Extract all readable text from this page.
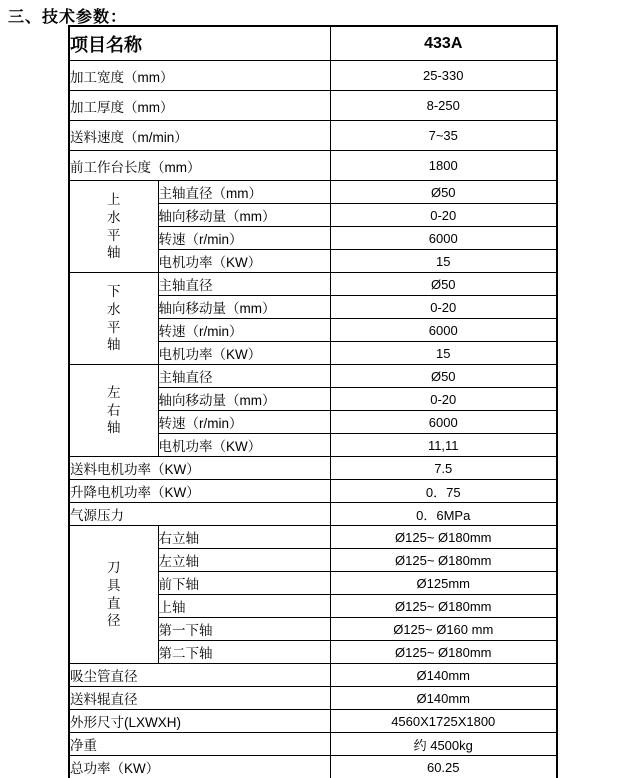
三、技术参数：
项目名称		433A
加工宽度（mm）		25-330
加工厚度（mm）		8-250
送料速度（m/min）		7~35
前工作台长度（mm）		1800
上水平轴	主轴直径（mm）	Ø50
	轴向移动量（mm）	0-20
	转速（r/min）	6000
	电机功率（KW）	15
下水平轴	主轴直径	Ø50
	轴向移动量（mm）	0-20
	转速（r/min）	6000
	电机功率（KW）	15
左右轴	主轴直径	Ø50
	轴向移动量（mm）	0-20
	转速（r/min）	6000
	电机功率（KW）	11,11
送料电机功率（KW）		7.5
升降电机功率（KW）		0．75
气源压力		0．6MPa
刀具直径	右立轴	Ø125~ Ø180mm
	左立轴	Ø125~ Ø180mm
	前下轴	Ø125mm
	上轴	Ø125~ Ø180mm
	第一下轴	Ø125~ Ø160 mm
	第二下轴	Ø125~ Ø180mm
吸尘管直径		Ø140mm
送料辊直径		Ø140mm
外形尺寸(LXWXH)		4560X1725X1800
净重		约 4500kg
总功率（KW）		60.25
